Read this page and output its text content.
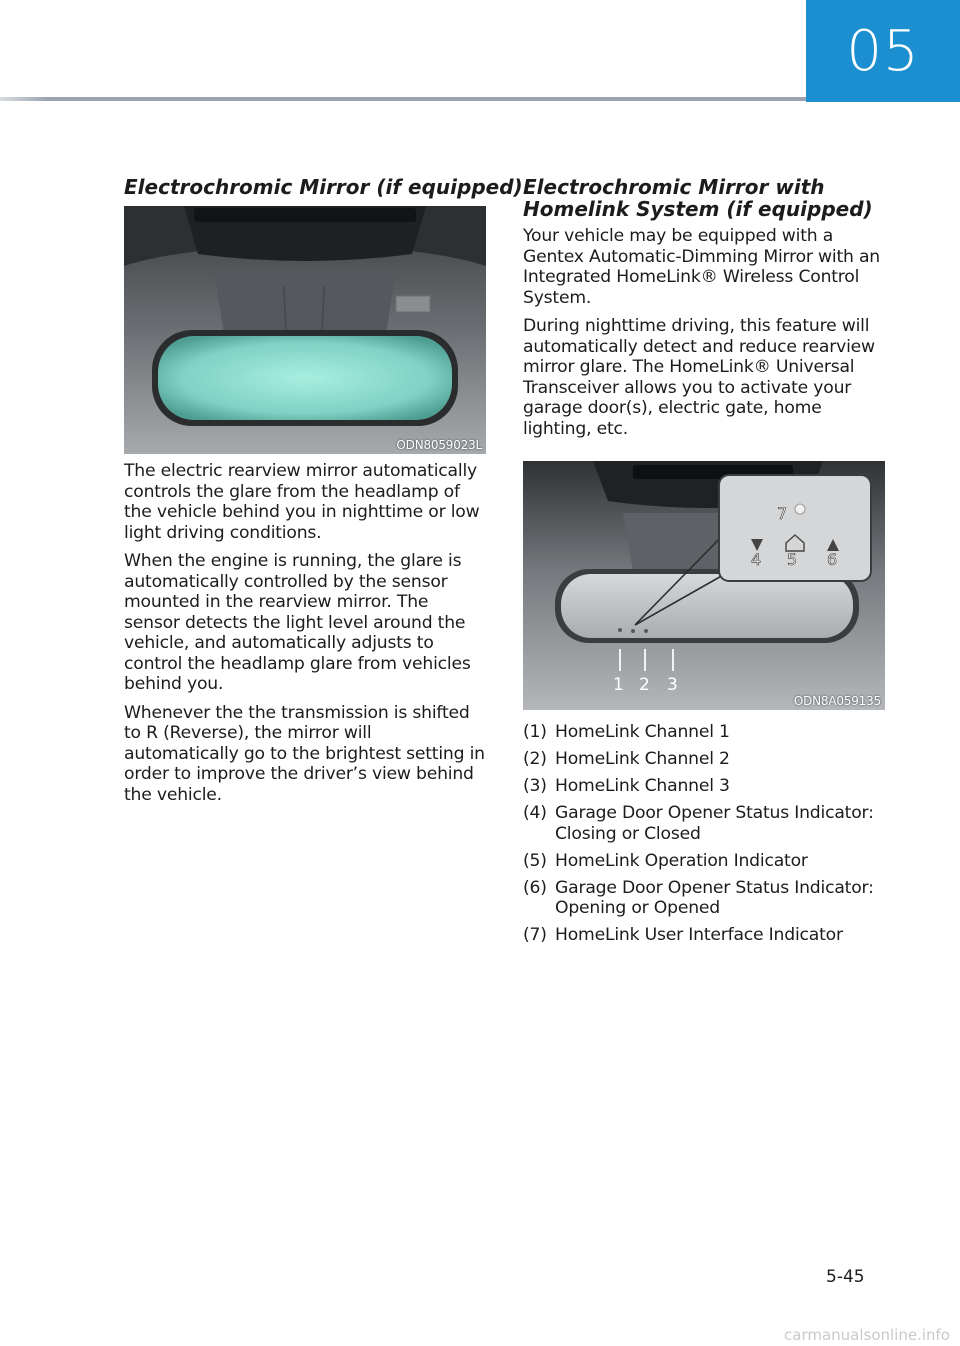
05
Electrochromic Mirror (if equipped)
ODN8059023L

The electric rearview mirror automatically controls the glare from the headlamp of the vehicle behind you in nighttime or low light driving conditions.

When the engine is running, the glare is automatically controlled by the sensor mounted in the rearview mirror. The sensor detects the light level around the vehicle, and automatically adjusts to control the headlamp glare from vehicles behind you.

Whenever the the transmission is shifted to R (Reverse), the mirror will automatically go to the brightest setting in order to improve the driver’s view behind the vehicle.

Electrochromic Mirror with
Homelink System (if equipped)

Your vehicle may be equipped with a Gentex Automatic-Dimming Mirror with an Integrated HomeLink® Wireless Control System.

During nighttime driving, this feature will automatically detect and reduce rearview mirror glare. The HomeLink® Universal Transceiver allows you to activate your garage door(s), electric gate, home lighting, etc.

1 2 3
4 5 6
7
ODN8A059135
(1) HomeLink Channel 1
(2) HomeLink Channel 2
(3) HomeLink Channel 3
(4) Garage Door Opener Status Indicator: Closing or Closed
(5) HomeLink Operation Indicator
(6) Garage Door Opener Status Indicator: Opening or Opened
(7) HomeLink User Interface Indicator
5-45
carmanualsonline.info
